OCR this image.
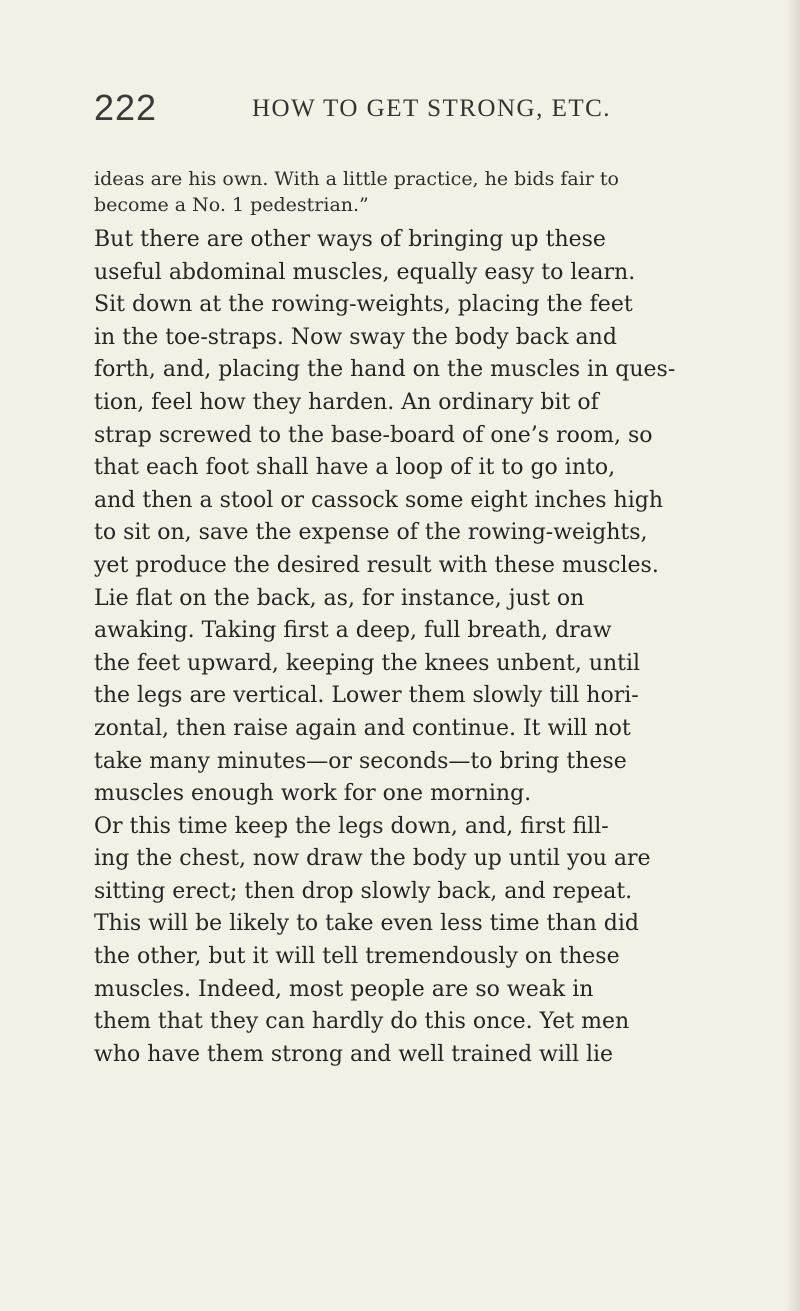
222	HOW TO GET STRONG, ETC.
ideas are his own. With a little practice, he bids fair to
become a No. 1 pedestrian.”
But there are other ways of bringing up these
useful abdominal muscles, equally easy to learn.
Sit down at the rowing-weights, placing the feet
in the toe-straps. Now sway the body back and
forth, and, placing the hand on the muscles in ques-
tion, feel how they harden. An ordinary bit of
strap screwed to the base-board of one’s room, so
that each foot shall have a loop of it to go into,
and then a stool or cassock some eight inches high
to sit on, save the expense of the rowing-weights,
yet produce the desired result with these muscles.
Lie flat on the back, as, for instance, just on
awaking. Taking first a deep, full breath, draw
the feet upward, keeping the knees unbent, until
the legs are vertical. Lower them slowly till hori-
zontal, then raise again and continue. It will not
take many minutes—or seconds—to bring these
muscles enough work for one morning.
Or this time keep the legs down, and, first fill-
ing the chest, now draw the body up until you are
sitting erect; then drop slowly back, and repeat.
This will be likely to take even less time than did
the other, but it will tell tremendously on these
muscles. Indeed, most people are so weak in
them that they can hardly do this once. Yet men
who have them strong and well trained will lie
